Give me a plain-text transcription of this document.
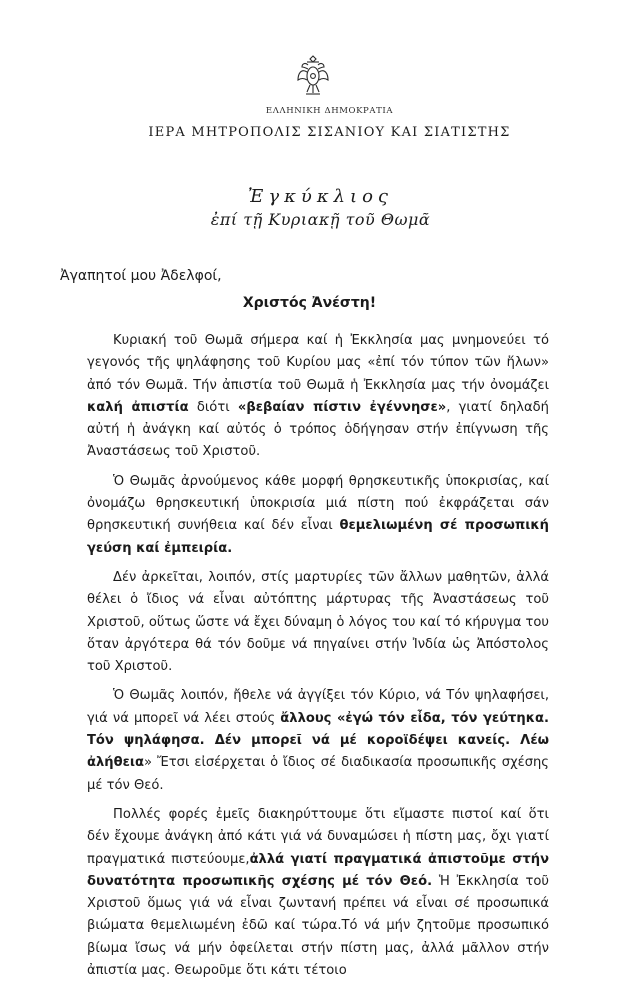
ΕΛΛΗΝΙΚΗ ΔΗΜΟΚΡΑΤΙΑ
ΙΕΡΑ ΜΗΤΡΟΠΟΛΙΣ ΣΙΣΑΝΙΟΥ ΚΑΙ ΣΙΑΤΙΣΤΗΣ
Ἐγκύκλιος
ἐπί τῇ Κυριακῇ τοῦ Θωμᾶ
Ἀγαπητοί μου Ἀδελφοί,
Χριστός Ἀνέστη!

Κυριακή τοῦ Θωμᾶ σήμερα καί ἡ Ἐκκλησία μας μνημονεύει τό γεγονός τῆς ψηλάφησης τοῦ Κυρίου μας «ἐπί τόν τύπον τῶν ἥλων» ἀπό τόν Θωμᾶ. Τήν ἀπιστία τοῦ Θωμᾶ ἡ Ἐκκλησία μας τήν ὀνομάζει καλή ἀπιστία διότι «βεβαίαν πίστιν ἐγέννησε», γιατί δηλαδή αὐτή ἡ ἀνάγκη καί αὐτός ὁ τρόπος ὁδήγησαν στήν ἐπίγνωση τῆς Ἀναστάσεως τοῦ Χριστοῦ.

Ὁ Θωμᾶς ἀρνούμενος κάθε μορφή θρησκευτικῆς ὑποκρισίας, καί ὀνομάζω θρησκευτική ὑποκρισία μιά πίστη πού ἐκφράζεται σάν θρησκευτική συνήθεια καί δέν εἶναι θεμελιωμένη σέ προσωπική γεύση καί ἐμπειρία.

Δέν ἀρκεῖται, λοιπόν, στίς μαρτυρίες τῶν ἄλλων μαθητῶν, ἀλλά θέλει ὁ ἴδιος νά εἶναι αὐτόπτης μάρτυρας τῆς Ἀναστάσεως τοῦ Χριστοῦ, οὕτως ὥστε νά ἔχει δύναμη ὁ λόγος του καί τό κήρυγμα του ὅταν ἀργότερα θά τόν δοῦμε νά πηγαίνει στήν Ἰνδία ὡς Ἀπόστολος τοῦ Χριστοῦ.

Ὁ Θωμᾶς λοιπόν, ἤθελε νά ἀγγίξει τόν Κύριο, νά Τόν ψηλαφήσει, γιά νά μπορεῖ νά λέει στούς ἄλλους «ἐγώ τόν εἶδα, τόν γεύτηκα. Τόν ψηλάφησα. Δέν μπορεῖ νά μέ κοροϊδέψει κανείς. Λέω ἀλήθεια» Ἔτσι εἰσέρχεται ὁ ἴδιος σέ διαδικασία προσωπικῆς σχέσης μέ τόν Θεό.

Πολλές φορές ἐμεῖς διακηρύττουμε ὅτι εἴμαστε πιστοί καί ὅτι δέν ἔχουμε ἀνάγκη ἀπό κάτι γιά νά δυναμώσει ἡ πίστη μας, ὄχι γιατί πραγματικά πιστεύουμε,ἀλλά γιατί πραγματικά ἀπιστοῦμε στήν δυνατότητα προσωπικῆς σχέσης μέ τόν Θεό. Ἡ Ἐκκλησία τοῦ Χριστοῦ ὅμως γιά νά εἶναι ζωντανή πρέπει νά εἶναι σέ προσωπικά βιώματα θεμελιωμένη ἐδῶ καί τώρα.Τό νά μήν ζητοῦμε προσωπικό βίωμα ἴσως νά μήν ὀφείλεται στήν πίστη μας, ἀλλά μᾶλλον στήν ἀπιστία μας. Θεωροῦμε ὅτι κάτι τέτοιο
